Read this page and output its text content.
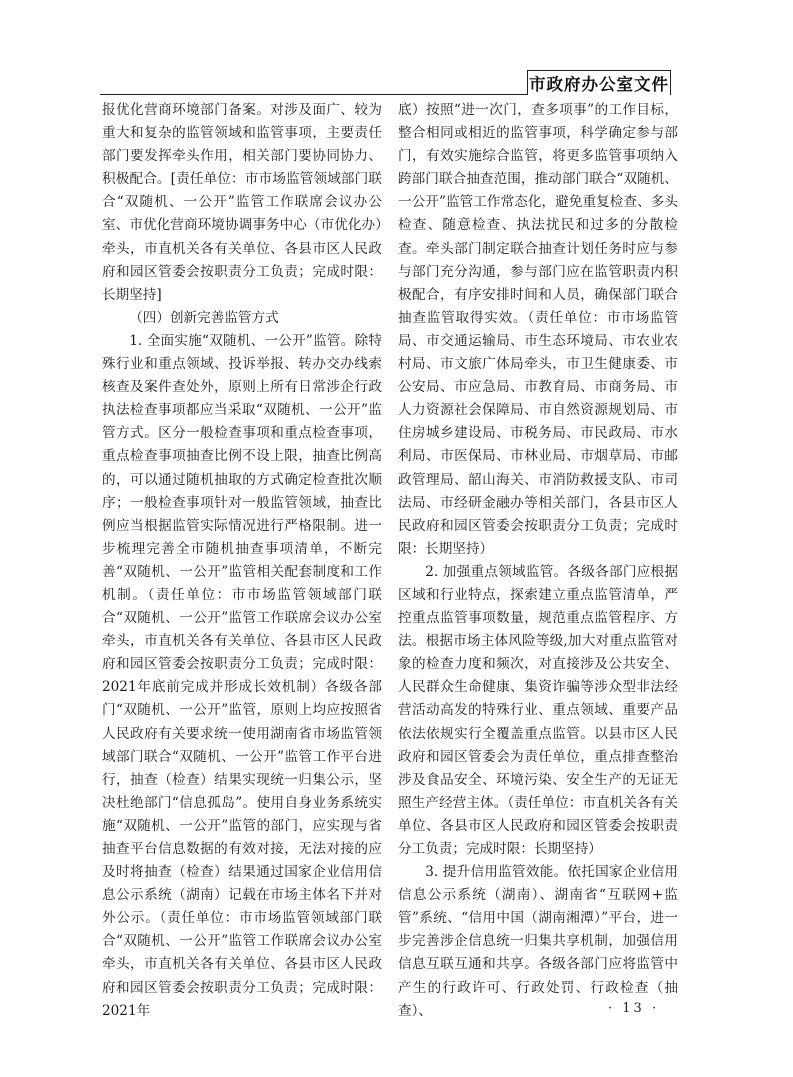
市政府办公室文件

报优化营商环境部门备案。对涉及面广、较为重大和复杂的监管领域和监管事项，主要责任部门要发挥牵头作用，相关部门要协同协力、积极配合。[责任单位：市市场监管领域部门联合“双随机、一公开”监管工作联席会议办公室、市优化营商环境协调事务中心（市优化办）牵头，市直机关各有关单位、各县市区人民政府和园区管委会按职责分工负责；完成时限：长期坚持]

（四）创新完善监管方式

1. 全面实施“双随机、一公开”监管。除特殊行业和重点领域、投诉举报、转办交办线索核查及案件查处外，原则上所有日常涉企行政执法检查事项都应当采取“双随机、一公开”监管方式。区分一般检查事项和重点检查事项，重点检查事项抽查比例不设上限，抽查比例高的，可以通过随机抽取的方式确定检查批次顺序；一般检查事项针对一般监管领域，抽查比例应当根据监管实际情况进行严格限制。进一步梳理完善全市随机抽查事项清单，不断完善“双随机、一公开”监管相关配套制度和工作机制。（责任单位：市市场监管领域部门联合“双随机、一公开”监管工作联席会议办公室牵头，市直机关各有关单位、各县市区人民政府和园区管委会按职责分工负责；完成时限：2021年底前完成并形成长效机制）各级各部门“双随机、一公开”监管，原则上均应按照省人民政府有关要求统一使用湖南省市场监管领域部门联合“双随机、一公开”监管工作平台进行，抽查（检查）结果实现统一归集公示，坚决杜绝部门“信息孤岛”。使用自身业务系统实施“双随机、一公开”监管的部门，应实现与省抽查平台信息数据的有效对接，无法对接的应及时将抽查（检查）结果通过国家企业信用信息公示系统（湖南）记载在市场主体名下并对外公示。（责任单位：市市场监管领域部门联合“双随机、一公开”监管工作联席会议办公室牵头，市直机关各有关单位、各县市区人民政府和园区管委会按职责分工负责；完成时限：2021年

底）按照“进一次门，查多项事”的工作目标，整合相同或相近的监管事项，科学确定参与部门，有效实施综合监管，将更多监管事项纳入跨部门联合抽查范围，推动部门联合“双随机、一公开”监管工作常态化，避免重复检查、多头检查、随意检查、执法扰民和过多的分散检查。牵头部门制定联合抽查计划任务时应与参与部门充分沟通，参与部门应在监管职责内积极配合，有序安排时间和人员，确保部门联合抽查监管取得实效。（责任单位：市市场监管局、市交通运输局、市生态环境局、市农业农村局、市文旅广体局牵头，市卫生健康委、市公安局、市应急局、市教育局、市商务局、市人力资源社会保障局、市自然资源规划局、市住房城乡建设局、市税务局、市民政局、市水利局、市医保局、市林业局、市烟草局、市邮政管理局、韶山海关、市消防救援支队、市司法局、市经研金融办等相关部门，各县市区人民政府和园区管委会按职责分工负责；完成时限：长期坚持）

2. 加强重点领域监管。各级各部门应根据区域和行业特点，探索建立重点监管清单，严控重点监管事项数量，规范重点监管程序、方法。根据市场主体风险等级,加大对重点监管对象的检查力度和频次，对直接涉及公共安全、人民群众生命健康、集资诈骗等涉众型非法经营活动高发的特殊行业、重点领域、重要产品依法依规实行全覆盖重点监管。以县市区人民政府和园区管委会为责任单位，重点排查整治涉及食品安全、环境污染、安全生产的无证无照生产经营主体。（责任单位：市直机关各有关单位、各县市区人民政府和园区管委会按职责分工负责；完成时限：长期坚持）

3. 提升信用监管效能。依托国家企业信用信息公示系统（湖南）、湖南省“互联网+监管”系统、“信用中国（湖南湘潭）”平台，进一步完善涉企信息统一归集共享机制，加强信用信息互联互通和共享。各级各部门应将监管中产生的行政许可、行政处罚、行政检查（抽查）、	· 13 ·
